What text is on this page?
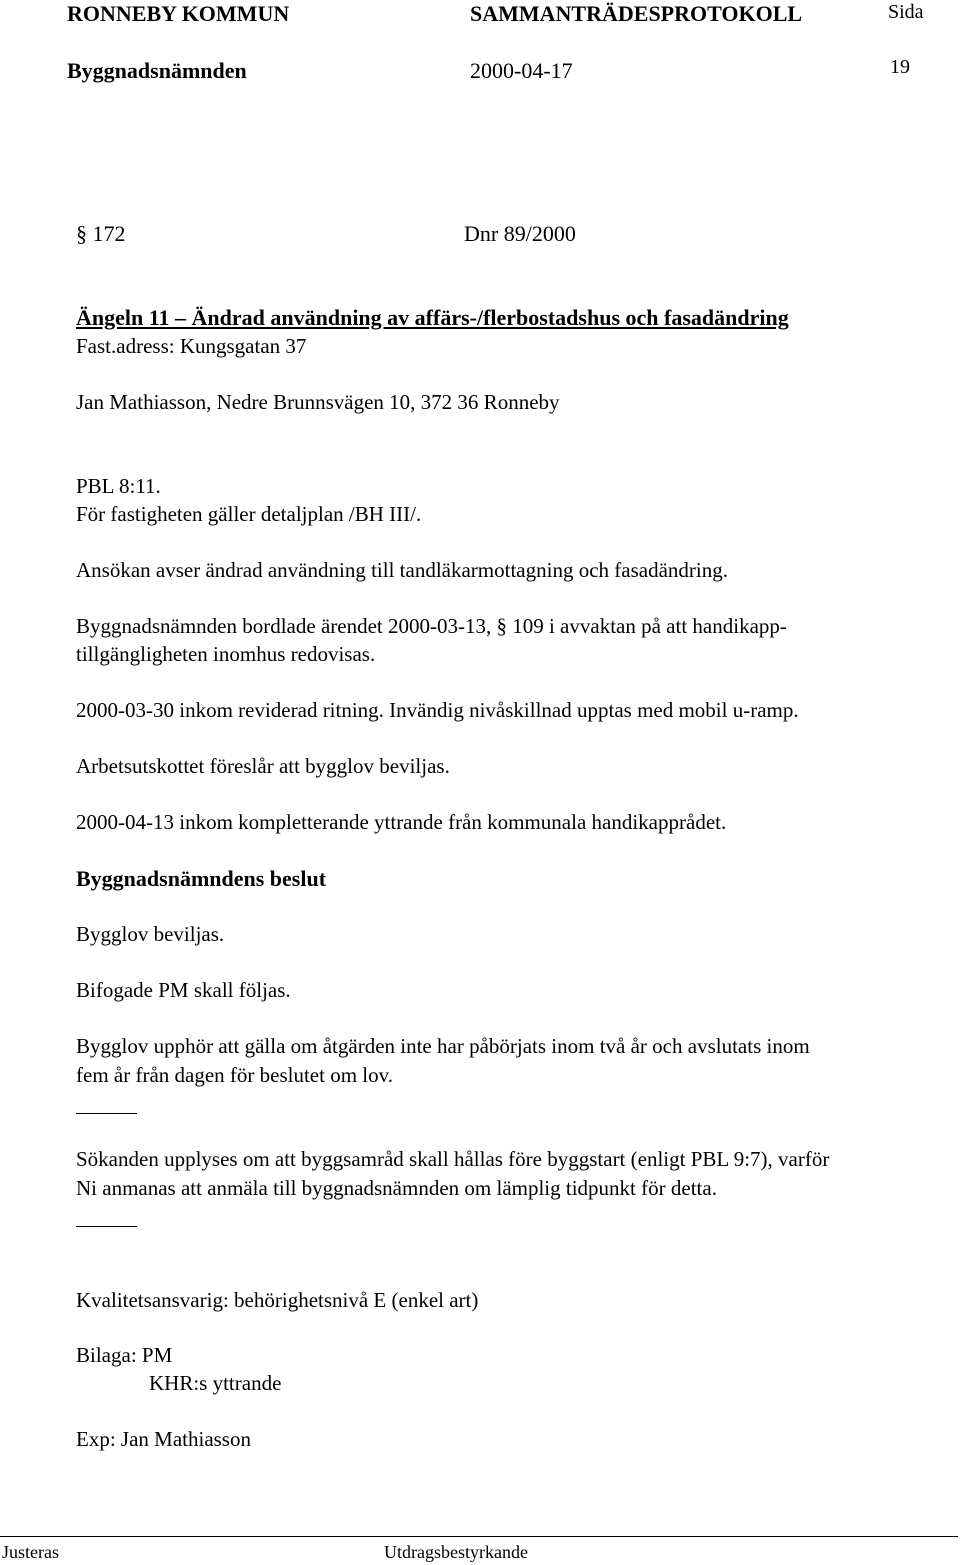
RONNEBY KOMMUN	SAMMANTRÄDESPROTOKOLL	Sida
Byggnadsnämnden	2000-04-17	19
§ 172	Dnr 89/2000
Ängeln 11 – Ändrad användning av affärs-/flerbostadshus och fasadändring
Fast.adress: Kungsgatan 37
Jan Mathiasson, Nedre Brunnsvägen 10, 372 36 Ronneby
PBL 8:11.
För fastigheten gäller detaljplan /BH III/.
Ansökan avser ändrad användning till tandläkarmottagning och fasadändring.
Byggnadsnämnden bordlade ärendet 2000-03-13, § 109 i avvaktan på att handikapp-
tillgängligheten inomhus redovisas.
2000-03-30 inkom reviderad ritning. Invändig nivåskillnad upptas med mobil u-ramp.
Arbetsutskottet föreslår att bygglov beviljas.
2000-04-13 inkom kompletterande yttrande från kommunala handikapprådet.
Byggnadsnämndens beslut
Bygglov beviljas.
Bifogade PM skall följas.
Bygglov upphör att gälla om åtgärden inte har påbörjats inom två år och avslutats inom
fem år från dagen för beslutet om lov.
Sökanden upplyses om att byggsamråd skall hållas före byggstart (enligt PBL 9:7), varför
Ni anmanas att anmäla till byggnadsnämnden om lämplig tidpunkt för detta.
Kvalitetsansvarig: behörighetsnivå E (enkel art)
Bilaga: PM
KHR:s yttrande
Exp: Jan Mathiasson
Justeras	Utdragsbestyrkande
